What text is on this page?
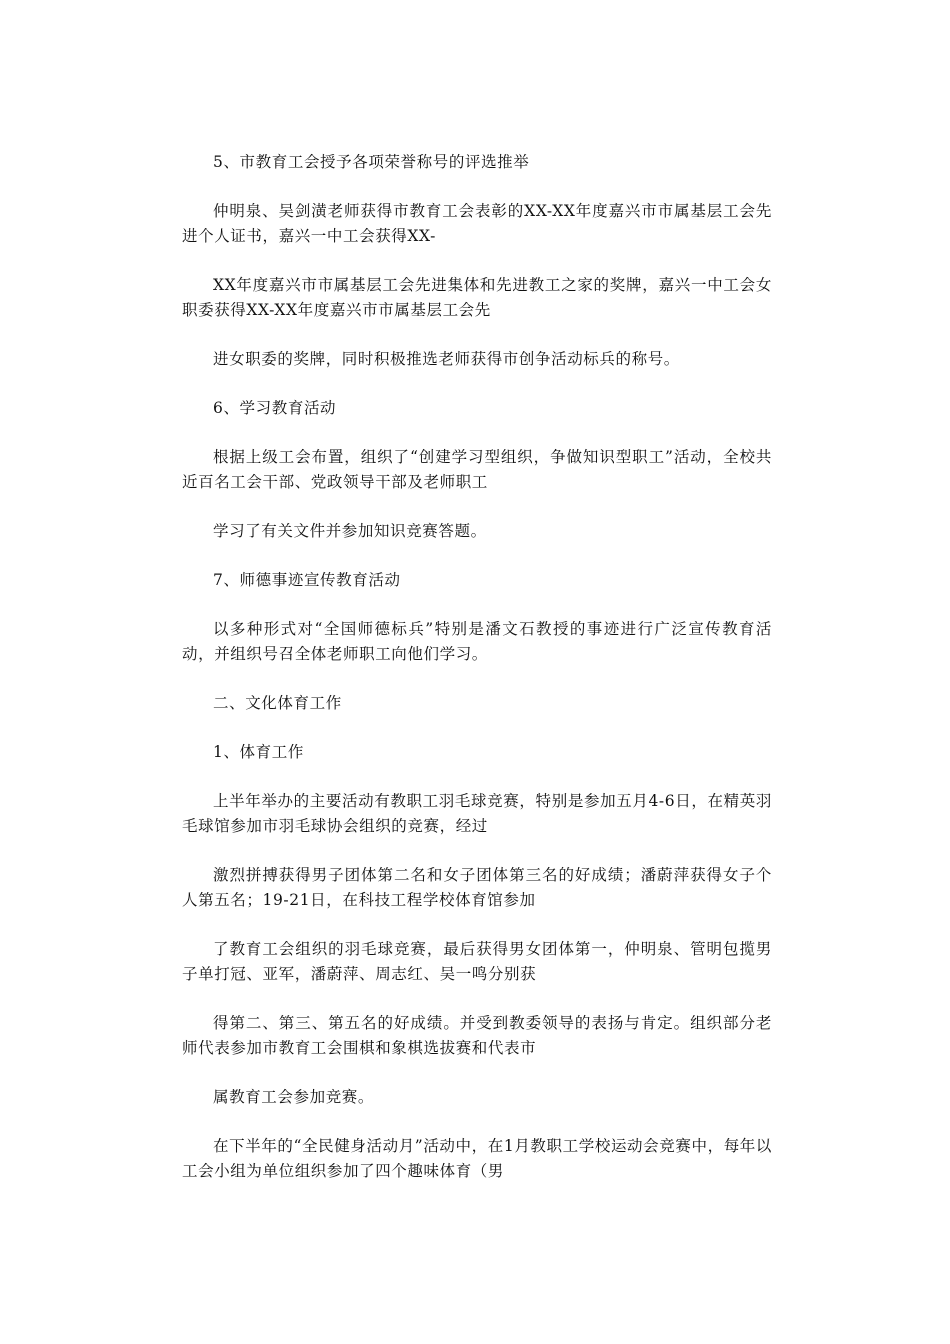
5、市教育工会授予各项荣誉称号的评选推举

仲明泉、吴剑潢老师获得市教育工会表彰的XX-XX年度嘉兴市市属基层工会先进个人证书，嘉兴一中工会获得XX-

XX年度嘉兴市市属基层工会先进集体和先进教工之家的奖牌，嘉兴一中工会女职委获得XX-XX年度嘉兴市市属基层工会先

进女职委的奖牌，同时积极推选老师获得市创争活动标兵的称号。

6、学习教育活动

根据上级工会布置，组织了“创建学习型组织，争做知识型职工”活动，全校共近百名工会干部、党政领导干部及老师职工

学习了有关文件并参加知识竞赛答题。

7、师德事迹宣传教育活动

以多种形式对“全国师德标兵”特别是潘文石教授的事迹进行广泛宣传教育活动，并组织号召全体老师职工向他们学习。

二、文化体育工作

1、体育工作

上半年举办的主要活动有教职工羽毛球竞赛，特别是参加五月4-6日，在精英羽毛球馆参加市羽毛球协会组织的竞赛，经过

激烈拼搏获得男子团体第二名和女子团体第三名的好成绩；潘蔚萍获得女子个人第五名；19-21日，在科技工程学校体育馆参加

了教育工会组织的羽毛球竞赛，最后获得男女团体第一，仲明泉、管明包揽男子单打冠、亚军，潘蔚萍、周志红、吴一鸣分别获

得第二、第三、第五名的好成绩。并受到教委领导的表扬与肯定。组织部分老师代表参加市教育工会围棋和象棋选拔赛和代表市

属教育工会参加竞赛。

在下半年的“全民健身活动月”活动中，在1月教职工学校运动会竞赛中，每年以工会小组为单位组织参加了四个趣味体育（男
